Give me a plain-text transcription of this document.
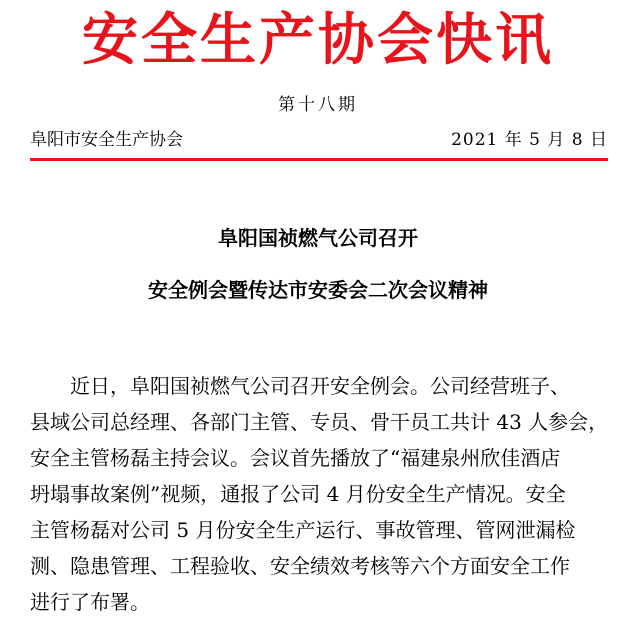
安全生产协会快讯
第十八期
阜阳市安全生产协会	2021 年 5 月 8 日
阜阳国祯燃气公司召开
安全例会暨传达市安委会二次会议精神
近日，阜阳国祯燃气公司召开安全例会。公司经营班子、
县域公司总经理、各部门主管、专员、骨干员工共计 43 人参会，
安全主管杨磊主持会议。会议首先播放了“福建泉州欣佳酒店
坍塌事故案例”视频，通报了公司 4 月份安全生产情况。安全
主管杨磊对公司 5 月份安全生产运行、事故管理、管网泄漏检
测、隐患管理、工程验收、安全绩效考核等六个方面安全工作
进行了布署。
